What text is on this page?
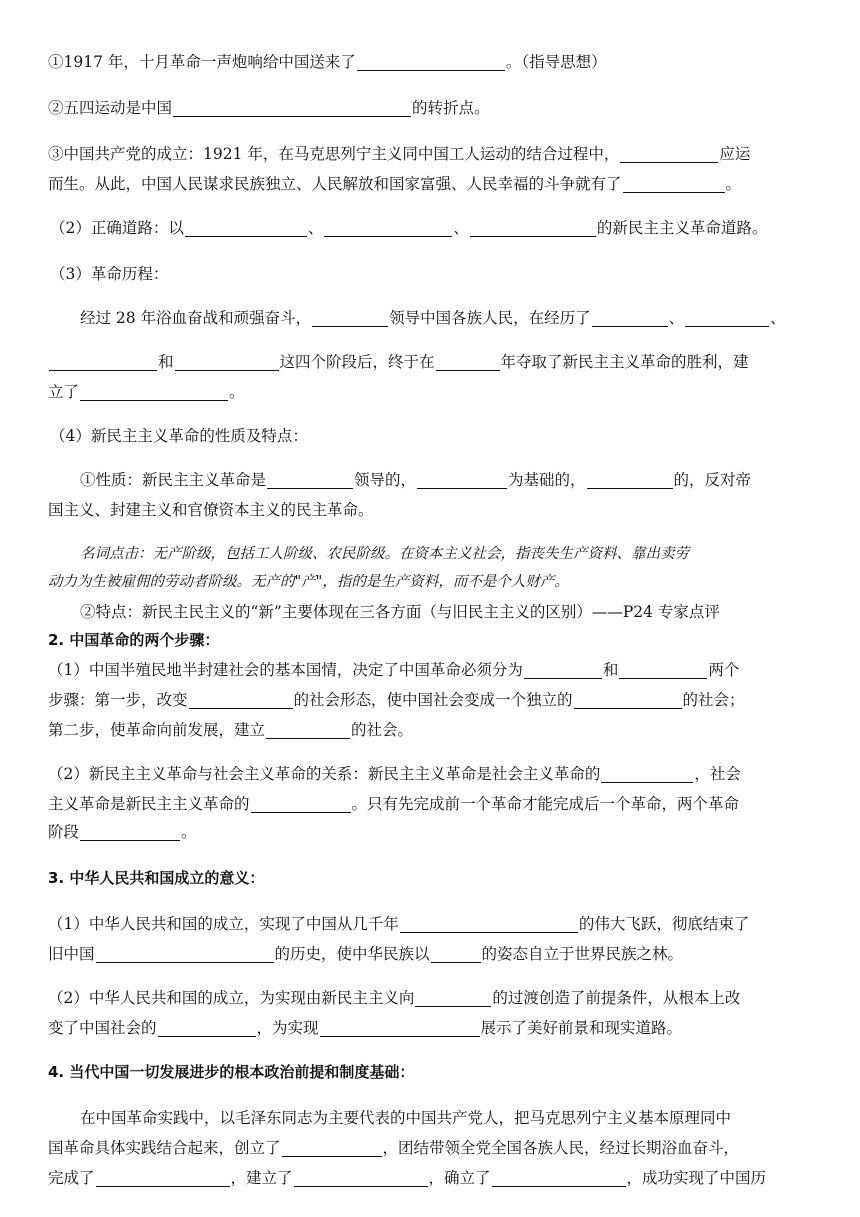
①1917 年，十月革命一声炮响给中国送来了	。（指导思想）
②五四运动是中国	的转折点。
③中国共产党的成立：1921 年，在马克思列宁主义同中国工人运动的结合过程中，	应运
而生。从此，中国人民谋求民族独立、人民解放和国家富强、人民幸福的斗争就有了	。
（2）正确道路：以	、	、	的新民主主义革命道路。
（3）革命历程：
经过 28 年浴血奋战和顽强奋斗，	领导中国各族人民，在经历了	、	、
和	这四个阶段后，终于在	年夺取了新民主主义革命的胜利，建
立了	。
（4）新民主主义革命的性质及特点：
①性质：新民主主义革命是	领导的，	为基础的，	的，反对帝
国主义、封建主义和官僚资本主义的民主革命。
名词点击：无产阶级，包括工人阶级、农民阶级。在资本主义社会，指丧失生产资料、靠出卖劳
动力为生被雇佣的劳动者阶级。无产的"产"，指的是生产资料，而不是个人财产。
②特点：新民主民主义的“新”主要体现在三各方面（与旧民主主义的区别）——P24 专家点评
2. 中国革命的两个步骤：
（1）中国半殖民地半封建社会的基本国情，决定了中国革命必须分为	和	两个
步骤：第一步，改变	的社会形态，使中国社会变成一个独立的	的社会；
第二步，使革命向前发展，建立	的社会。
（2）新民主主义革命与社会主义革命的关系：新民主主义革命是社会主义革命的	，社会
主义革命是新民主主义革命的	。只有先完成前一个革命才能完成后一个革命，两个革命
阶段	。
3. 中华人民共和国成立的意义：
（1）中华人民共和国的成立，实现了中国从几千年	的伟大飞跃，彻底结束了
旧中国	的历史，使中华民族以	的姿态自立于世界民族之林。
（2）中华人民共和国的成立，为实现由新民主主义向	的过渡创造了前提条件，从根本上改
变了中国社会的	，为实现	展示了美好前景和现实道路。
4. 当代中国一切发展进步的根本政治前提和制度基础：
在中国革命实践中，以毛泽东同志为主要代表的中国共产党人，把马克思列宁主义基本原理同中
国革命具体实践结合起来，创立了	，团结带领全党全国各族人民，经过长期浴血奋斗，
完成了	，建立了	，确立了	，成功实现了中国历
